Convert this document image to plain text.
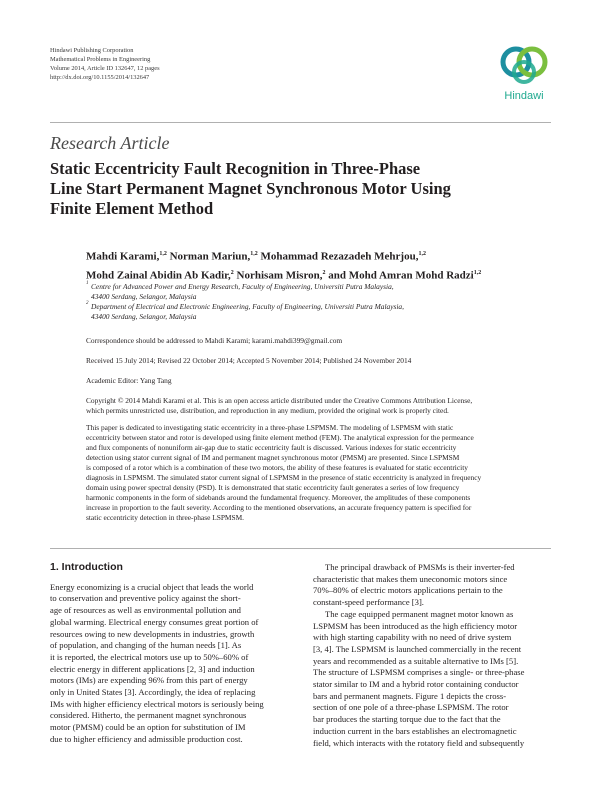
Hindawi Publishing Corporation
Mathematical Problems in Engineering
Volume 2014, Article ID 132647, 12 pages
http://dx.doi.org/10.1155/2014/132647
Hindawi
Research Article
Static Eccentricity Fault Recognition in Three-Phase
Line Start Permanent Magnet Synchronous Motor Using
Finite Element Method
Mahdi Karami,$^{1,2}$ Norman Mariun,$^{1,2}$ Mohammad Rezazadeh Mehrjou,$^{1,2}$
Mohd Zainal Abidin Ab Kadir,$^2$ Norhisam Misron,$^2$ and Mohd Amran Mohd Radzi$^{1,2}$
1 Centre for Advanced Power and Energy Research, Faculty of Engineering, Universiti Putra Malaysia,
43400 Serdang, Selangor, Malaysia
2 Department of Electrical and Electronic Engineering, Faculty of Engineering, Universiti Putra Malaysia,
43400 Serdang, Selangor, Malaysia
Correspondence should be addressed to Mahdi Karami; karami.mahdi399@gmail.com
Received 15 July 2014; Revised 22 October 2014; Accepted 5 November 2014; Published 24 November 2014
Academic Editor: Yang Tang
Copyright © 2014 Mahdi Karami et al. This is an open access article distributed under the Creative Commons Attribution License,
which permits unrestricted use, distribution, and reproduction in any medium, provided the original work is properly cited.
This paper is dedicated to investigating static eccentricity in a three-phase LSPMSM. The modeling of LSPMSM with static
eccentricity between stator and rotor is developed using finite element method (FEM). The analytical expression for the permeance
and flux components of nonuniform air-gap due to static eccentricity fault is discussed. Various indexes for static eccentricity
detection using stator current signal of IM and permanent magnet synchronous motor (PMSM) are presented. Since LSPMSM
is composed of a rotor which is a combination of these two motors, the ability of these features is evaluated for static eccentricity
diagnosis in LSPMSM. The simulated stator current signal of LSPMSM in the presence of static eccentricity is analyzed in frequency
domain using power spectral density (PSD). It is demonstrated that static eccentricity fault generates a series of low frequency
harmonic components in the form of sidebands around the fundamental frequency. Moreover, the amplitudes of these components
increase in proportion to the fault severity. According to the mentioned observations, an accurate frequency pattern is specified for
static eccentricity detection in three-phase LSPMSM.
1. Introduction
Energy economizing is a crucial object that leads the world
to conservation and preventive policy against the short-
age of resources as well as environmental pollution and
global warming. Electrical energy consumes great portion of
resources owing to new developments in industries, growth
of population, and changing of the human needs [1]. As
it is reported, the electrical motors use up to 50%–60% of
electric energy in different applications [2, 3] and induction
motors (IMs) are expending 96% from this part of energy
only in United States [3]. Accordingly, the idea of replacing
IMs with higher efficiency electrical motors is seriously being
considered. Hitherto, the permanent magnet synchronous
motor (PMSM) could be an option for substitution of IM
due to higher efficiency and admissible production cost.
The principal drawback of PMSMs is their inverter-fed
characteristic that makes them uneconomic motors since
70%–80% of electric motors applications pertain to the
constant-speed performance [3].
The cage equipped permanent magnet motor known as
LSPMSM has been introduced as the high efficiency motor
with high starting capability with no need of drive system
[3, 4]. The LSPMSM is launched commercially in the recent
years and recommended as a suitable alternative to IMs [5].
The structure of LSPMSM comprises a single- or three-phase
stator similar to IM and a hybrid rotor containing conductor
bars and permanent magnets. Figure 1 depicts the cross-
section of one pole of a three-phase LSPMSM. The rotor
bar produces the starting torque due to the fact that the
induction current in the bars establishes an electromagnetic
field, which interacts with the rotatory field and subsequently
